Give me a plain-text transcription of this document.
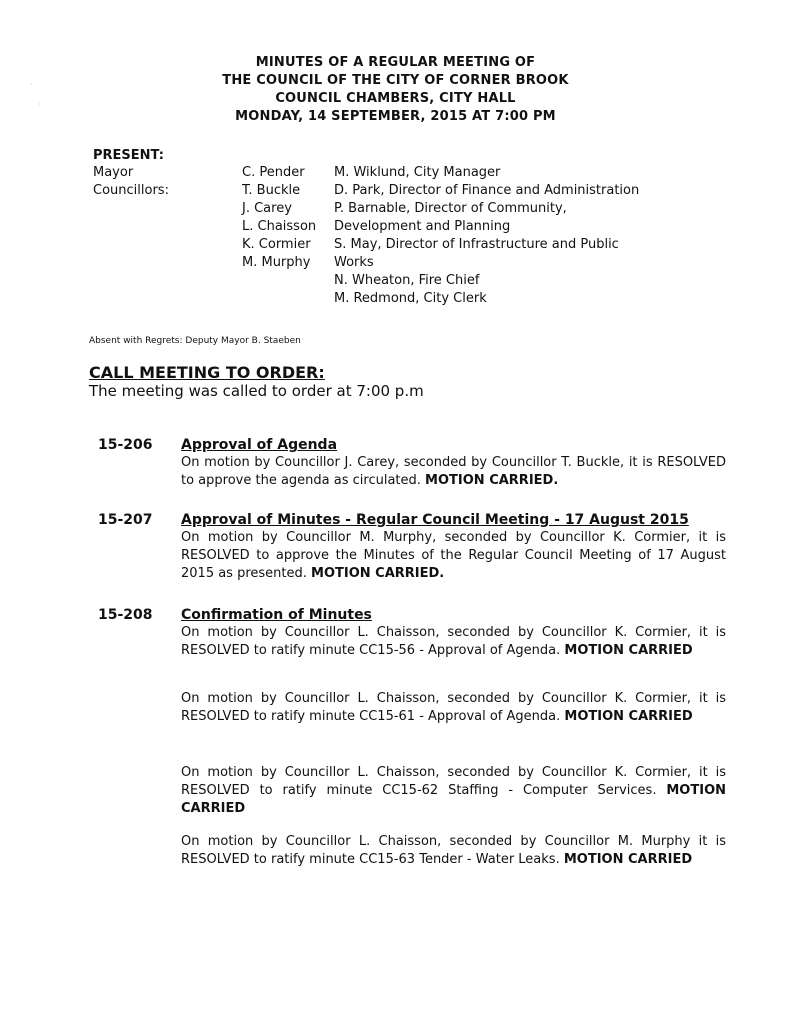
MINUTES OF A REGULAR MEETING OF
THE COUNCIL OF THE CITY OF CORNER BROOK
COUNCIL CHAMBERS, CITY HALL
MONDAY, 14 SEPTEMBER, 2015 AT 7:00 PM
PRESENT:
Mayor
Councillors:
C. Pender
T. Buckle
J. Carey
L. Chaisson
K. Cormier
M. Murphy
M. Wiklund, City Manager
D. Park, Director of Finance and Administration
P. Barnable, Director of Community,
Development and Planning
S. May, Director of Infrastructure and Public
Works
N. Wheaton, Fire Chief
M. Redmond, City Clerk
Absent with Regrets: Deputy Mayor B. Staeben
CALL MEETING TO ORDER:
The meeting was called to order at 7:00 p.m
15-206 Approval of Agenda

On motion by Councillor J. Carey, seconded by Councillor T. Buckle, it is RESOLVED to approve the agenda as circulated. MOTION CARRIED.

15-207 Approval of Minutes - Regular Council Meeting - 17 August 2015

On motion by Councillor M. Murphy, seconded by Councillor K. Cormier, it is RESOLVED to approve the Minutes of the Regular Council Meeting of 17 August 2015 as presented. MOTION CARRIED.

15-208 Confirmation of Minutes

On motion by Councillor L. Chaisson, seconded by Councillor K. Cormier, it is RESOLVED to ratify minute CC15-56 - Approval of Agenda. MOTION CARRIED

On motion by Councillor L. Chaisson, seconded by Councillor K. Cormier, it is RESOLVED to ratify minute CC15-61 - Approval of Agenda. MOTION CARRIED

On motion by Councillor L. Chaisson, seconded by Councillor K. Cormier, it is RESOLVED to ratify minute CC15-62 Staffing - Computer Services. MOTION CARRIED

On motion by Councillor L. Chaisson, seconded by Councillor M. Murphy it is RESOLVED to ratify minute CC15-63 Tender - Water Leaks. MOTION CARRIED

·
·
